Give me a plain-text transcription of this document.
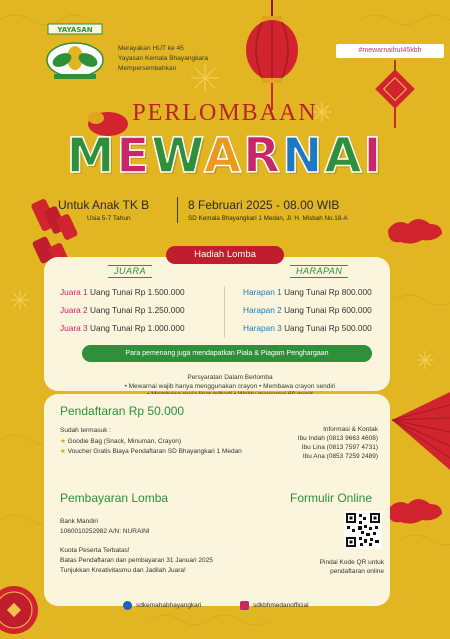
YAYASAN
Merayakan HUT ke 45
Yayasan Kemala Bhayangkara
Mempersembahkan
#mewarnaihut45kbh
PERLOMBAAN
MEWARNAI
Untuk Anak TK B
Usia 5-7 Tahun
8 Februari 2025 - 08.00 WIB
SD Kemala Bhayangkari 1 Medan, Jl. H. Misbah No.18-A
Hadiah Lomba
JUARA	HARAPAN
Juara 1 Uang Tunai Rp 1.500.000
Juara 2 Uang Tunai Rp 1.250.000
Juara 3 Uang Tunai Rp 1.000.000
Harapan 1 Uang Tunai Rp 800.000
Harapan 2 Uang Tunai Rp 600.000
Harapan 3 Uang Tunai Rp 500.000
Para pemenang juga mendapatkan Piala & Piagam Penghargaan
Persyaratan Dalam Berlomba
• Mewarnai wajib hanya menggunakan crayon • Membawa crayon sendiri
Pendaftaran Rp 50.000
Sudah termasuk :
★ Goodie Bag (Snack, Minuman, Crayon)
★ Voucher Gratis Biaya Pendaftaran SD Bhayangkari 1 Medan
Informasi & Kontak
Ibu Indah (0813 9663 4608)
Ibu Lina (0813 7597 4731)
Ibu Ana (0853 7259 2489)
Pembayaran Lomba
Bank Mandiri
1060010252982 A/N: NURAINI
Kuota Peserta Terbatas!
Batas Pendaftaran dan pembayaran 31 Januari 2025
Tunjukkan Kreativitasmu dan Jadilah Juara!
Formulir Online
Pindai Kode QR untuk
pendaftaran online
sdkemahabhayangkari	sdkbhmedanofficial
